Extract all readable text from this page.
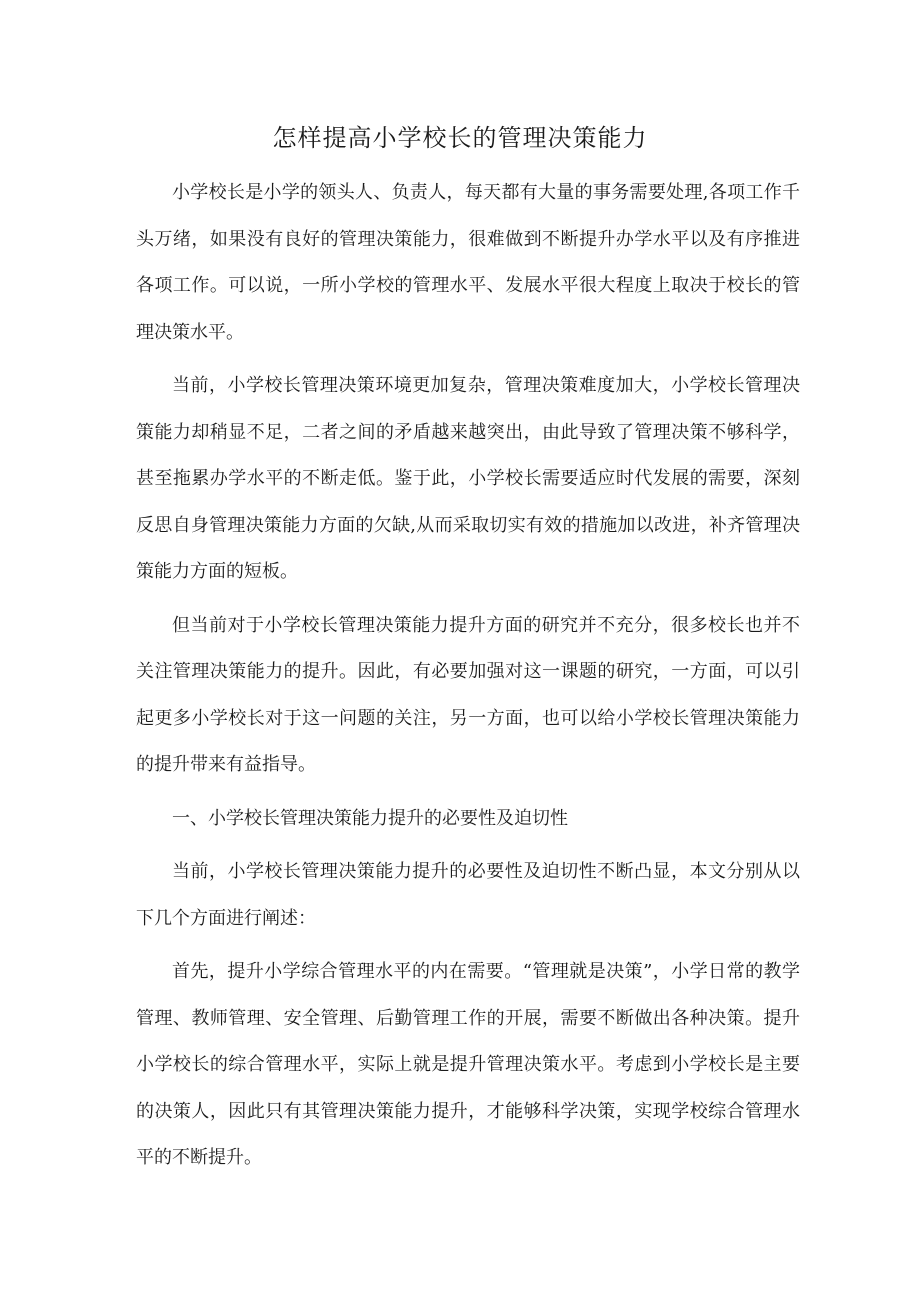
怎样提高小学校长的管理决策能力

小学校长是小学的领头人、负责人，每天都有大量的事务需要处理,各项工作千头万绪，如果没有良好的管理决策能力，很难做到不断提升办学水平以及有序推进各项工作。可以说，一所小学校的管理水平、发展水平很大程度上取决于校长的管理决策水平。

当前，小学校长管理决策环境更加复杂，管理决策难度加大，小学校长管理决策能力却稍显不足，二者之间的矛盾越来越突出，由此导致了管理决策不够科学，甚至拖累办学水平的不断走低。鉴于此，小学校长需要适应时代发展的需要，深刻反思自身管理决策能力方面的欠缺,从而采取切实有效的措施加以改进，补齐管理决策能力方面的短板。

但当前对于小学校长管理决策能力提升方面的研究并不充分，很多校长也并不关注管理决策能力的提升。因此，有必要加强对这一课题的研究，一方面，可以引起更多小学校长对于这一问题的关注，另一方面，也可以给小学校长管理决策能力的提升带来有益指导。

一、小学校长管理决策能力提升的必要性及迫切性

当前，小学校长管理决策能力提升的必要性及迫切性不断凸显，本文分别从以下几个方面进行阐述：

首先，提升小学综合管理水平的内在需要。“管理就是决策”，小学日常的教学管理、教师管理、安全管理、后勤管理工作的开展，需要不断做出各种决策。提升小学校长的综合管理水平，实际上就是提升管理决策水平。考虑到小学校长是主要的决策人，因此只有其管理决策能力提升，才能够科学决策，实现学校综合管理水平的不断提升。
